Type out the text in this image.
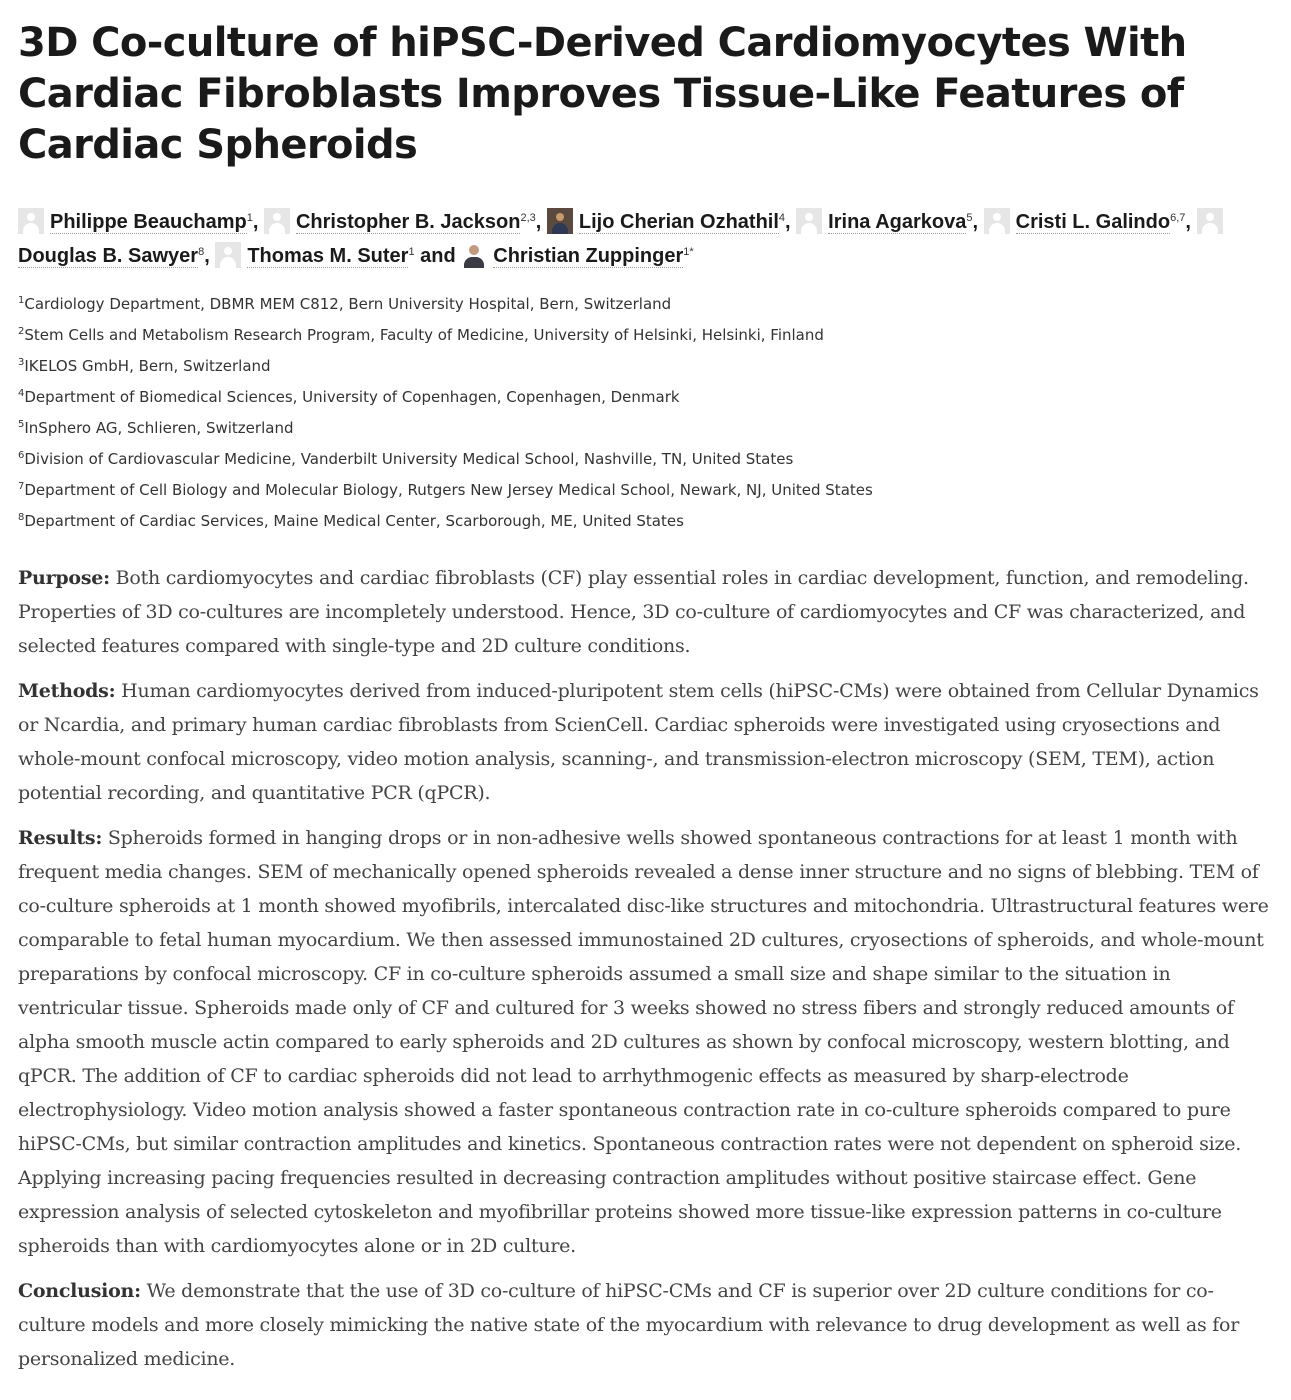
3D Co-culture of hiPSC-Derived Cardiomyocytes With Cardiac Fibroblasts Improves Tissue-Like Features of Cardiac Spheroids
Philippe Beauchamp$^1$,
Christopher B. Jackson$^{2,3}$,
Lijo Cherian Ozhathil$^4$,
Irina Agarkova$^5$,
Cristi L. Galindo$^{6,7}$,

Douglas B. Sawyer$^8$,
Thomas M. Suter$^1$ and
Christian Zuppinger$^{1*}$
$^1$Cardiology Department, DBMR MEM C812, Bern University Hospital, Bern, Switzerland
$^2$Stem Cells and Metabolism Research Program, Faculty of Medicine, University of Helsinki, Helsinki, Finland
$^3$IKELOS GmbH, Bern, Switzerland
$^4$Department of Biomedical Sciences, University of Copenhagen, Copenhagen, Denmark
$^5$InSphero AG, Schlieren, Switzerland
$^6$Division of Cardiovascular Medicine, Vanderbilt University Medical School, Nashville, TN, United States
$^7$Department of Cell Biology and Molecular Biology, Rutgers New Jersey Medical School, Newark, NJ, United States
$^8$Department of Cardiac Services, Maine Medical Center, Scarborough, ME, United States

Purpose: Both cardiomyocytes and cardiac fibroblasts (CF) play essential roles in cardiac development, function, and remodeling. Properties of 3D co-cultures are incompletely understood. Hence, 3D co-culture of cardiomyocytes and CF was characterized, and selected features compared with single-type and 2D culture conditions.

Methods: Human cardiomyocytes derived from induced-pluripotent stem cells (hiPSC-CMs) were obtained from Cellular Dynamics or Ncardia, and primary human cardiac fibroblasts from ScienCell. Cardiac spheroids were investigated using cryosections and whole-mount confocal microscopy, video motion analysis, scanning-, and transmission-electron microscopy (SEM, TEM), action potential recording, and quantitative PCR (qPCR).

Results: Spheroids formed in hanging drops or in non-adhesive wells showed spontaneous contractions for at least 1 month with frequent media changes. SEM of mechanically opened spheroids revealed a dense inner structure and no signs of blebbing. TEM of co-culture spheroids at 1 month showed myofibrils, intercalated disc-like structures and mitochondria. Ultrastructural features were comparable to fetal human myocardium. We then assessed immunostained 2D cultures, cryosections of spheroids, and whole-mount preparations by confocal microscopy. CF in co-culture spheroids assumed a small size and shape similar to the situation in ventricular tissue. Spheroids made only of CF and cultured for 3 weeks showed no stress fibers and strongly reduced amounts of alpha smooth muscle actin compared to early spheroids and 2D cultures as shown by confocal microscopy, western blotting, and qPCR. The addition of CF to cardiac spheroids did not lead to arrhythmogenic effects as measured by sharp-electrode electrophysiology. Video motion analysis showed a faster spontaneous contraction rate in co-culture spheroids compared to pure hiPSC-CMs, but similar contraction amplitudes and kinetics. Spontaneous contraction rates were not dependent on spheroid size. Applying increasing pacing frequencies resulted in decreasing contraction amplitudes without positive staircase effect. Gene expression analysis of selected cytoskeleton and myofibrillar proteins showed more tissue-like expression patterns in co-culture spheroids than with cardiomyocytes alone or in 2D culture.

Conclusion: We demonstrate that the use of 3D co-culture of hiPSC-CMs and CF is superior over 2D culture conditions for co-culture models and more closely mimicking the native state of the myocardium with relevance to drug development as well as for personalized medicine.
